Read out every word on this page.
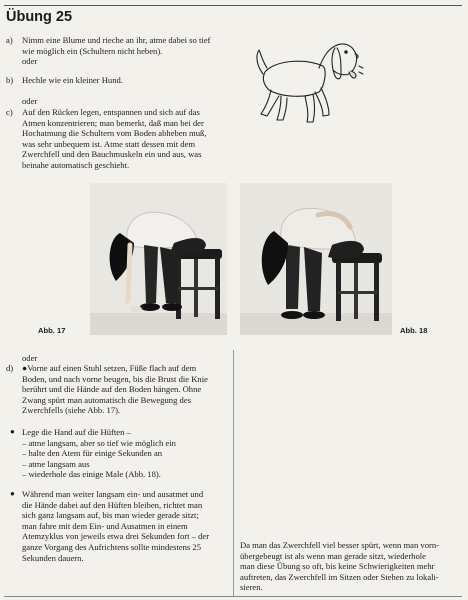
Übung 25
a) Nimm eine Blume und rieche an ihr, atme dabei so tief
wie möglich ein (Schultern nicht heben).
oder
b) Hechle wie ein kleiner Hund.
oder
c) Auf den Rücken legen, entspannen und sich auf das
Atmen konzentrieren; man bemerkt, daß man bei der
Hochatmung die Schultern vom Boden abheben muß,
was sehr unbequem ist. Atme statt dessen mit dem
Zwerchfell und den Bauchmuskeln ein und aus, was
beinahe automatisch geschieht.
Abb. 17	Abb. 18
oder
d) ●Vorne auf einen Stuhl setzen, Füße flach auf dem
Boden, und nach vorne beugen, bis die Brust die Knie
berührt und die Hände auf den Boden hängen. Ohne
Zwang spürt man automatisch die Bewegung des
Zwerchfells (siehe Abb. 17).
● Lege die Hand auf die Hüften –
– atme langsam, aber so tief wie möglich ein
– halte den Atem für einige Sekunden an
– atme langsam aus
– wiederhole das einige Male (Abb. 18).
● Während man weiter langsam ein- und ausatmet und
die Hände dabei auf den Hüften bleiben, richtet man
sich ganz langsam auf, bis man wieder gerade sitzt;
man fahre mit dem Ein- und Ausatmen in einem
Atemzyklus von jeweils etwa drei Sekunden fort – der
ganze Vorgang des Aufrichtens sollte mindestens 25
Sekunden dauern.
Da man das Zwerchfell viel besser spürt, wenn man vorn-
übergebeugt ist als wenn man gerade sitzt, wiederhole
man diese Übung so oft, bis keine Schwierigkeiten mehr
auftreten, das Zwerchfell im Sitzen oder Stehen zu lokali-
sieren.
